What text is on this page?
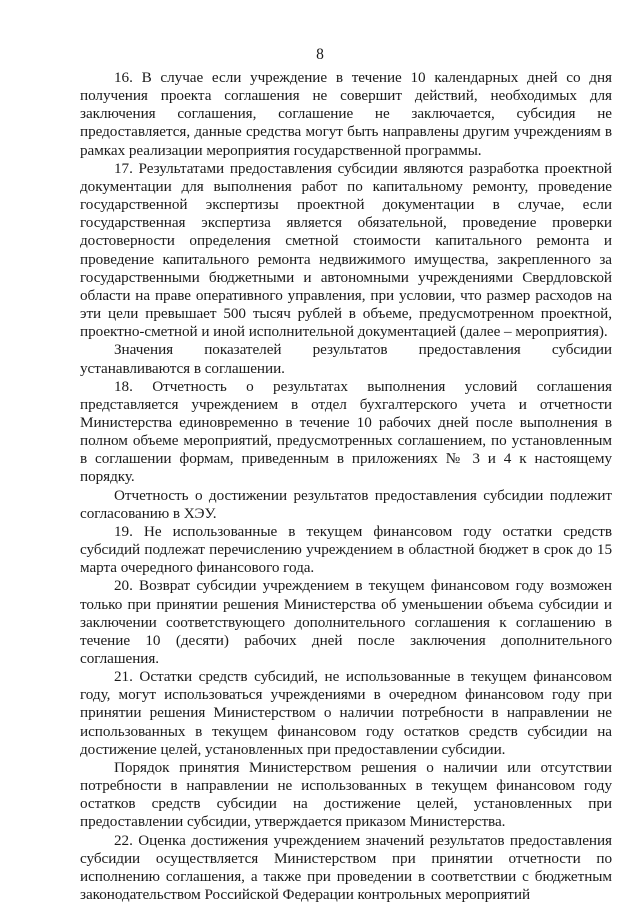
8

16. В случае если учреждение в течение 10 календарных дней со дня получения проекта соглашения не совершит действий, необходимых для заключения соглашения, соглашение не заключается, субсидия не предоставляется, данные средства могут быть направлены другим учреждениям в рамках реализации мероприятия государственной программы.

17. Результатами предоставления субсидии являются разработка проектной документации для выполнения работ по капитальному ремонту, проведение государственной экспертизы проектной документации в случае, если государственная экспертиза является обязательной, проведение проверки достоверности определения сметной стоимости капитального ремонта и проведение капитального ремонта недвижимого имущества, закрепленного за государственными бюджетными и автономными учреждениями Свердловской области на праве оперативного управления, при условии, что размер расходов на эти цели превышает 500 тысяч рублей в объеме, предусмотренном проектной, проектно-сметной и иной исполнительной документацией (далее – мероприятия).

Значения показателей результатов предоставления субсидии устанавливаются в соглашении.

18. Отчетность о результатах выполнения условий соглашения представляется учреждением в отдел бухгалтерского учета и отчетности Министерства единовременно в течение 10 рабочих дней после выполнения в полном объеме мероприятий, предусмотренных соглашением, по установленным в соглашении формам, приведенным в приложениях № 3 и 4 к настоящему порядку.

Отчетность о достижении результатов предоставления субсидии подлежит согласованию в ХЭУ.

19. Не использованные в текущем финансовом году остатки средств субсидий подлежат перечислению учреждением в областной бюджет в срок до 15 марта очередного финансового года.

20. Возврат субсидии учреждением в текущем финансовом году возможен только при принятии решения Министерства об уменьшении объема субсидии и заключении соответствующего дополнительного соглашения к соглашению в течение 10 (десяти) рабочих дней после заключения дополнительного соглашения.

21. Остатки средств субсидий, не использованные в текущем финансовом году, могут использоваться учреждениями в очередном финансовом году при принятии решения Министерством о наличии потребности в направлении не использованных в текущем финансовом году остатков средств субсидии на достижение целей, установленных при предоставлении субсидии.

Порядок принятия Министерством решения о наличии или отсутствии потребности в направлении не использованных в текущем финансовом году остатков средств субсидии на достижение целей, установленных при предоставлении субсидии, утверждается приказом Министерства.

22. Оценка достижения учреждением значений результатов предоставления субсидии осуществляется Министерством при принятии отчетности по исполнению соглашения, а также при проведении в соответствии с бюджетным законодательством Российской Федерации контрольных мероприятий
